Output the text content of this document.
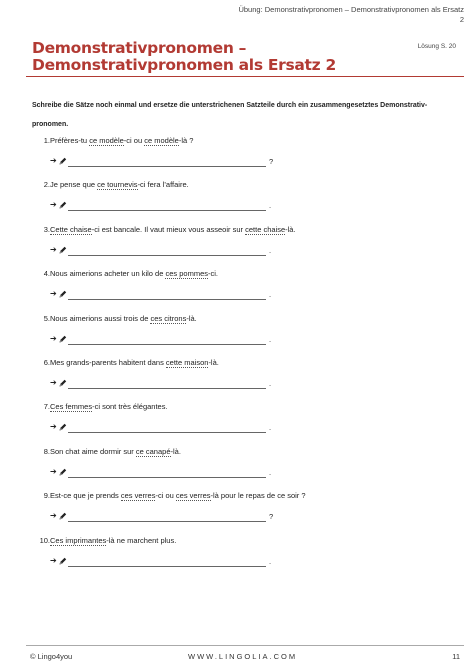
Übung: Demonstrativpronomen – Demonstrativpronomen als Ersatz
2
Demonstrativpronomen – Demonstrativpronomen als Ersatz 2
Lösung S. 20
Schreibe die Sätze noch einmal und ersetze die unterstrichenen Satzteile durch ein zusammengesetztes Demonstrativ-pronomen.
1. Préfères-tu ce modèle-ci ou ce modèle-là ?
➔	?
2. Je pense que ce tournevis-ci fera l’affaire.
➔	.
3. Cette chaise-ci est bancale. Il vaut mieux vous asseoir sur cette chaise-là.
➔	.
4. Nous aimerions acheter un kilo de ces pommes-ci.
➔	.
5. Nous aimerions aussi trois de ces citrons-là.
➔	.
6. Mes grands-parents habitent dans cette maison-là.
➔	.
7. Ces femmes-ci sont très élégantes.
➔	.
8. Son chat aime dormir sur ce canapé-là.
➔	.
9. Est-ce que je prends ces verres-ci ou ces verres-là pour le repas de ce soir ?
➔	?
10. Ces imprimantes-là ne marchent plus.
➔	.
© Lingo4you	WWW.LINGOLIA.COM	11
